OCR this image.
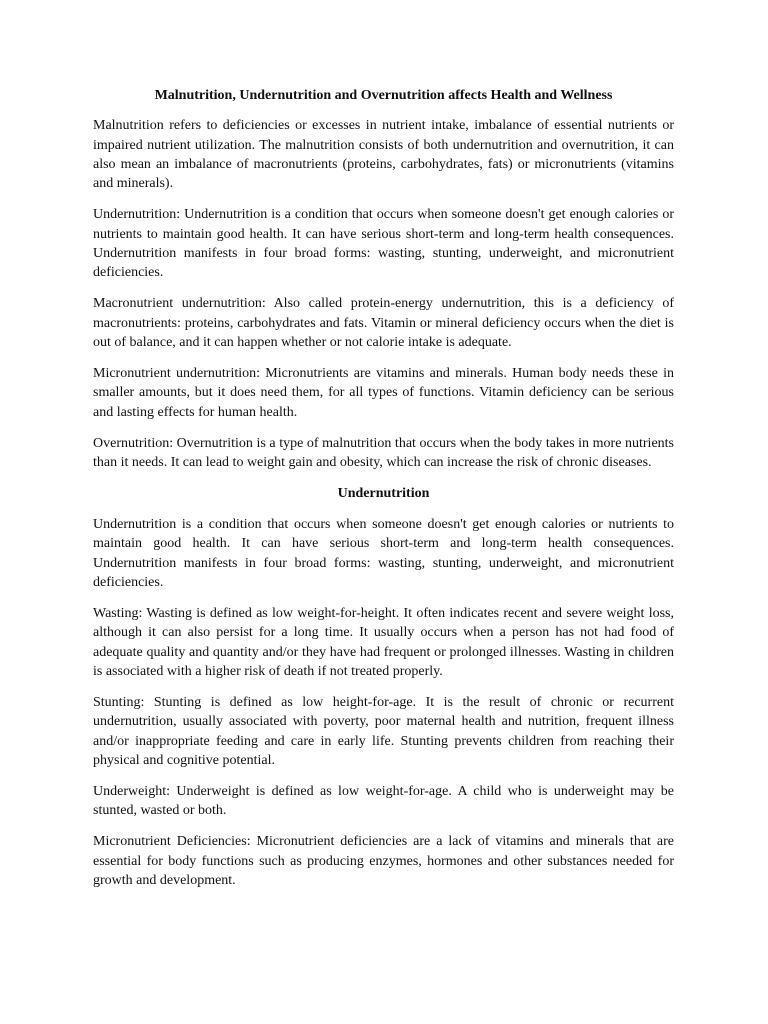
Malnutrition, Undernutrition and Overnutrition affects Health and Wellness

Malnutrition refers to deficiencies or excesses in nutrient intake, imbalance of essential nutrients or impaired nutrient utilization. The malnutrition consists of both undernutrition and overnutrition, it can also mean an imbalance of macronutrients (proteins, carbohydrates, fats) or micronutrients (vitamins and minerals).

Undernutrition: Undernutrition is a condition that occurs when someone doesn't get enough calories or nutrients to maintain good health. It can have serious short-term and long-term health consequences. Undernutrition manifests in four broad forms: wasting, stunting, underweight, and micronutrient deficiencies.

Macronutrient undernutrition: Also called protein-energy undernutrition, this is a deficiency of macronutrients: proteins, carbohydrates and fats. Vitamin or mineral deficiency occurs when the diet is out of balance, and it can happen whether or not calorie intake is adequate.

Micronutrient undernutrition: Micronutrients are vitamins and minerals. Human body needs these in smaller amounts, but it does need them, for all types of functions. Vitamin deficiency can be serious and lasting effects for human health.

Overnutrition: Overnutrition is a type of malnutrition that occurs when the body takes in more nutrients than it needs. It can lead to weight gain and obesity, which can increase the risk of chronic diseases.

Undernutrition

Undernutrition is a condition that occurs when someone doesn't get enough calories or nutrients to maintain good health. It can have serious short-term and long-term health consequences. Undernutrition manifests in four broad forms: wasting, stunting, underweight, and micronutrient deficiencies.

Wasting: Wasting is defined as low weight-for-height. It often indicates recent and severe weight loss, although it can also persist for a long time. It usually occurs when a person has not had food of adequate quality and quantity and/or they have had frequent or prolonged illnesses. Wasting in children is associated with a higher risk of death if not treated properly.

Stunting: Stunting is defined as low height-for-age. It is the result of chronic or recurrent undernutrition, usually associated with poverty, poor maternal health and nutrition, frequent illness and/or inappropriate feeding and care in early life. Stunting prevents children from reaching their physical and cognitive potential.

Underweight: Underweight is defined as low weight-for-age. A child who is underweight may be stunted, wasted or both.

Micronutrient Deficiencies: Micronutrient deficiencies are a lack of vitamins and minerals that are essential for body functions such as producing enzymes, hormones and other substances needed for growth and development.
